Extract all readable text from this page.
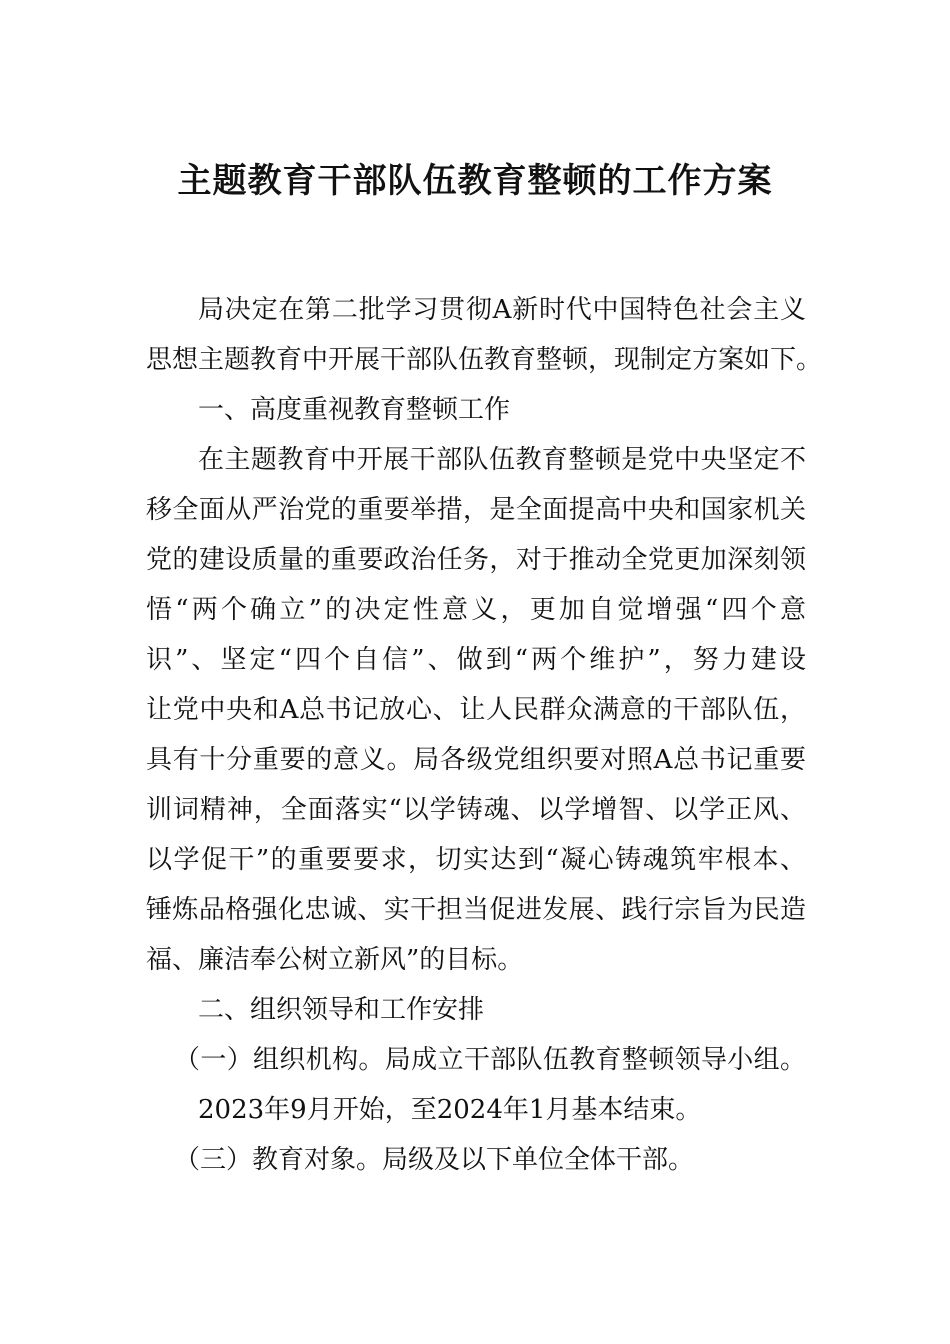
主题教育干部队伍教育整顿的工作方案
局决定在第二批学习贯彻A新时代中国特色社会主义
思想主题教育中开展干部队伍教育整顿，现制定方案如下。
一、高度重视教育整顿工作
在主题教育中开展干部队伍教育整顿是党中央坚定不
移全面从严治党的重要举措，是全面提高中央和国家机关
党的建设质量的重要政治任务，对于推动全党更加深刻领
悟“两个确立”的决定性意义，更加自觉增强“四个意
识”、坚定“四个自信”、做到“两个维护”，努力建设
让党中央和A总书记放心、让人民群众满意的干部队伍，
具有十分重要的意义。局各级党组织要对照A总书记重要
训词精神，全面落实“以学铸魂、以学增智、以学正风、
以学促干”的重要要求，切实达到“凝心铸魂筑牢根本、
锤炼品格强化忠诚、实干担当促进发展、践行宗旨为民造
福、廉洁奉公树立新风”的目标。
二、组织领导和工作安排
（一）组织机构。局成立干部队伍教育整顿领导小组。
2023年9月开始，至2024年1月基本结束。
（三）教育对象。局级及以下单位全体干部。
